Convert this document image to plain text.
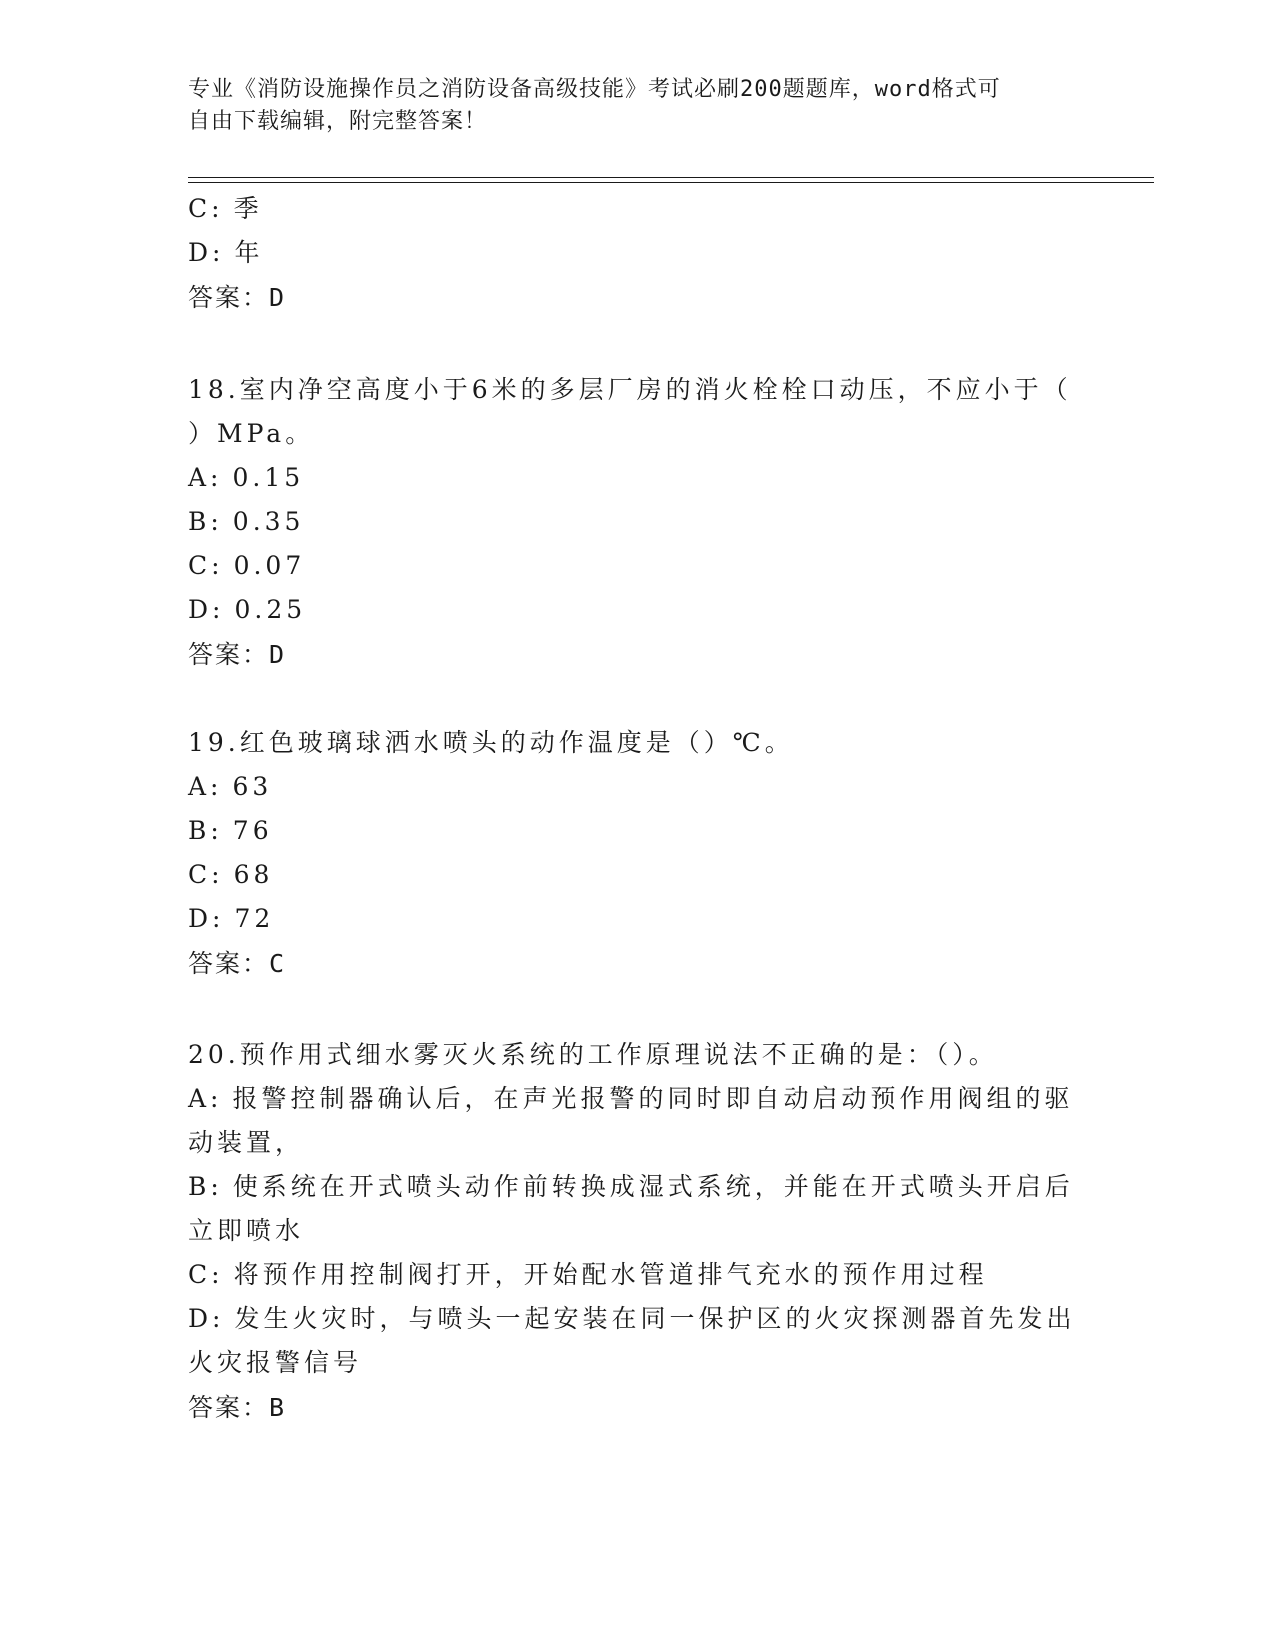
专业《消防设施操作员之消防设备高级技能》考试必刷200题题库，word格式可
自由下载编辑，附完整答案！
C: 季
D: 年
答案：D
18.室内净空高度小于6米的多层厂房的消火栓栓口动压，不应小于（
）MPa。
A: 0.15
B: 0.35
C: 0.07
D: 0.25
答案：D
19.红色玻璃球洒水喷头的动作温度是（）℃。
A: 63
B: 76
C: 68
D: 72
答案：C
20.预作用式细水雾灭火系统的工作原理说法不正确的是：（）。
A: 报警控制器确认后，在声光报警的同时即自动启动预作用阀组的驱
动装置，
B: 使系统在开式喷头动作前转换成湿式系统，并能在开式喷头开启后
立即喷水
C: 将预作用控制阀打开，开始配水管道排气充水的预作用过程
D: 发生火灾时，与喷头一起安装在同一保护区的火灾探测器首先发出
火灾报警信号
答案：B
